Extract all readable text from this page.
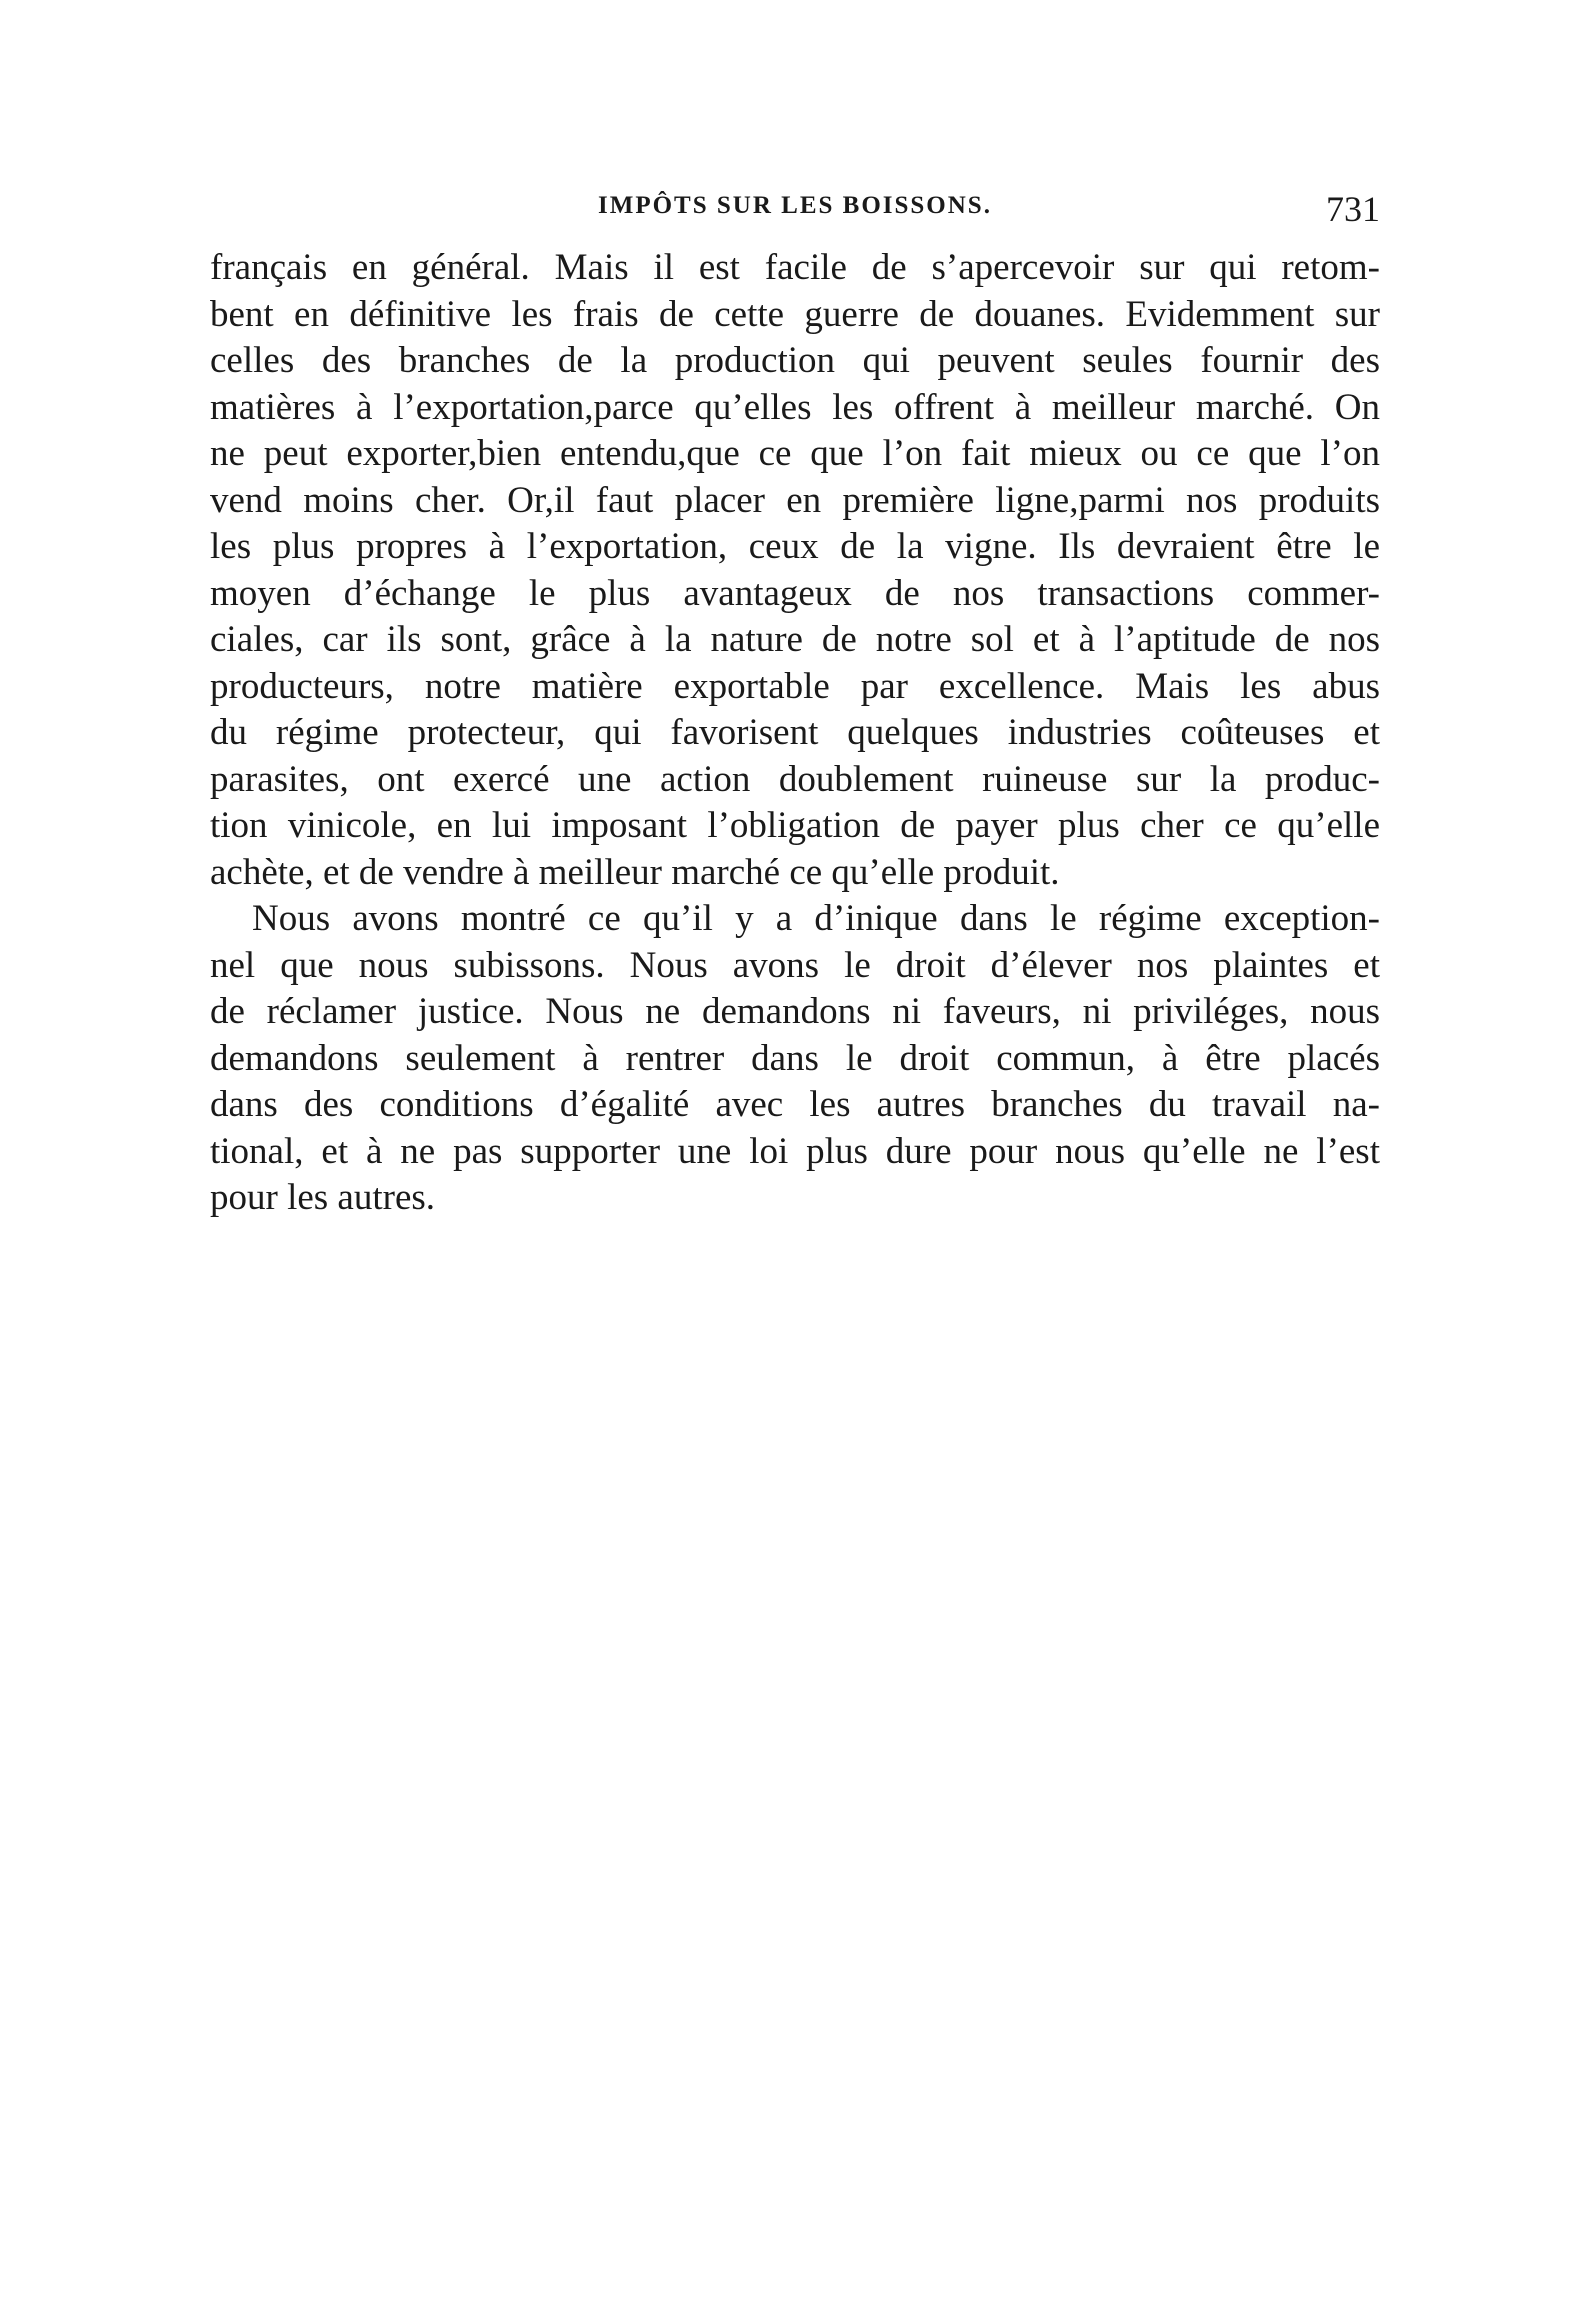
IMPÔTS SUR LES BOISSONS.	731
français en général. Mais il est facile de s’apercevoir sur qui retom-
bent en définitive les frais de cette guerre de douanes. Evidemment sur
celles des branches de la production qui peuvent seules fournir des
matières à l’exportation,parce qu’elles les offrent à meilleur marché. On
ne peut exporter,bien entendu,que ce que l’on fait mieux ou ce que l’on
vend moins cher. Or,il faut placer en première ligne,parmi nos produits
les plus propres à l’exportation, ceux de la vigne. Ils devraient être le
moyen d’échange le plus avantageux de nos transactions commer-
ciales, car ils sont, grâce à la nature de notre sol et à l’aptitude de nos
producteurs, notre matière exportable par excellence. Mais les abus
du régime protecteur, qui favorisent quelques industries coûteuses et
parasites, ont exercé une action doublement ruineuse sur la produc-
tion vinicole, en lui imposant l’obligation de payer plus cher ce qu’elle
achète, et de vendre à meilleur marché ce qu’elle produit.
Nous avons montré ce qu’il y a d’inique dans le régime exception-
nel que nous subissons. Nous avons le droit d’élever nos plaintes et
de réclamer justice. Nous ne demandons ni faveurs, ni priviléges, nous
demandons seulement à rentrer dans le droit commun, à être placés
dans des conditions d’égalité avec les autres branches du travail na-
tional, et à ne pas supporter une loi plus dure pour nous qu’elle ne l’est
pour les autres.
